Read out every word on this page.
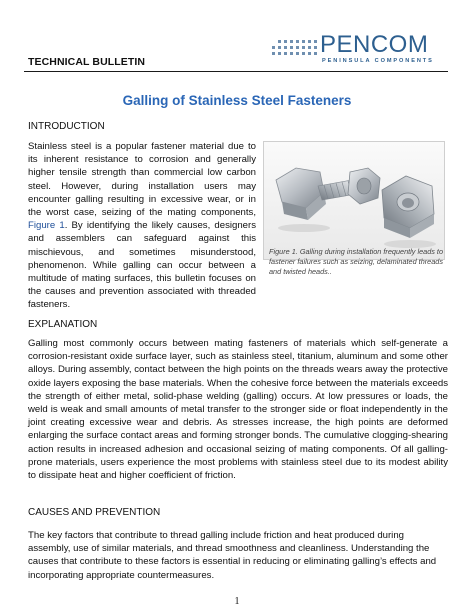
TECHNICAL BULLETIN
PENCOM
PENINSULA COMPONENTS
Galling of Stainless Steel Fasteners
INTRODUCTION

Stainless steel is a popular fastener material due to its inherent resistance to corrosion and generally higher tensile strength than commercial low carbon steel. However, during installation users may encounter galling resulting in excessive wear, or in the worst case, seizing of the mating components, Figure 1. By identifying the likely causes, designers and assemblers can safeguard against this mischievous, and sometimes misunderstood, phenomenon. While galling can occur between a multitude of mating surfaces, this bulletin focuses on the causes and prevention associated with threaded fasteners.

Figure 1. Galling during installation frequently leads to fastener failures such as seizing, delaminated threads and twisted heads..
EXPLANATION

Galling most commonly occurs between mating fasteners of materials which self-generate a corrosion-resistant oxide surface layer, such as stainless steel, titanium, aluminum and some other alloys. During assembly, contact between the high points on the threads wears away the protective oxide layers exposing the base materials. When the cohesive force between the materials exceeds the strength of either metal, solid-phase welding (galling) occurs. At low pressures or loads, the weld is weak and small amounts of metal transfer to the stronger side or float independently in the joint creating excessive wear and debris. As stresses increase, the high points are deformed enlarging the surface contact areas and forming stronger bonds. The cumulative clogging-shearing action results in increased adhesion and occasional seizing of mating components. Of all galling-prone materials, users experience the most problems with stainless steel due to its modest ability to dissipate heat and higher coefficient of friction.

CAUSES AND PREVENTION

The key factors that contribute to thread galling include friction and heat produced during assembly, use of similar materials, and thread smoothness and cleanliness. Understanding the causes that contribute to these factors is essential in reducing or eliminating galling’s effects and incorporating appropriate countermeasures.

1
